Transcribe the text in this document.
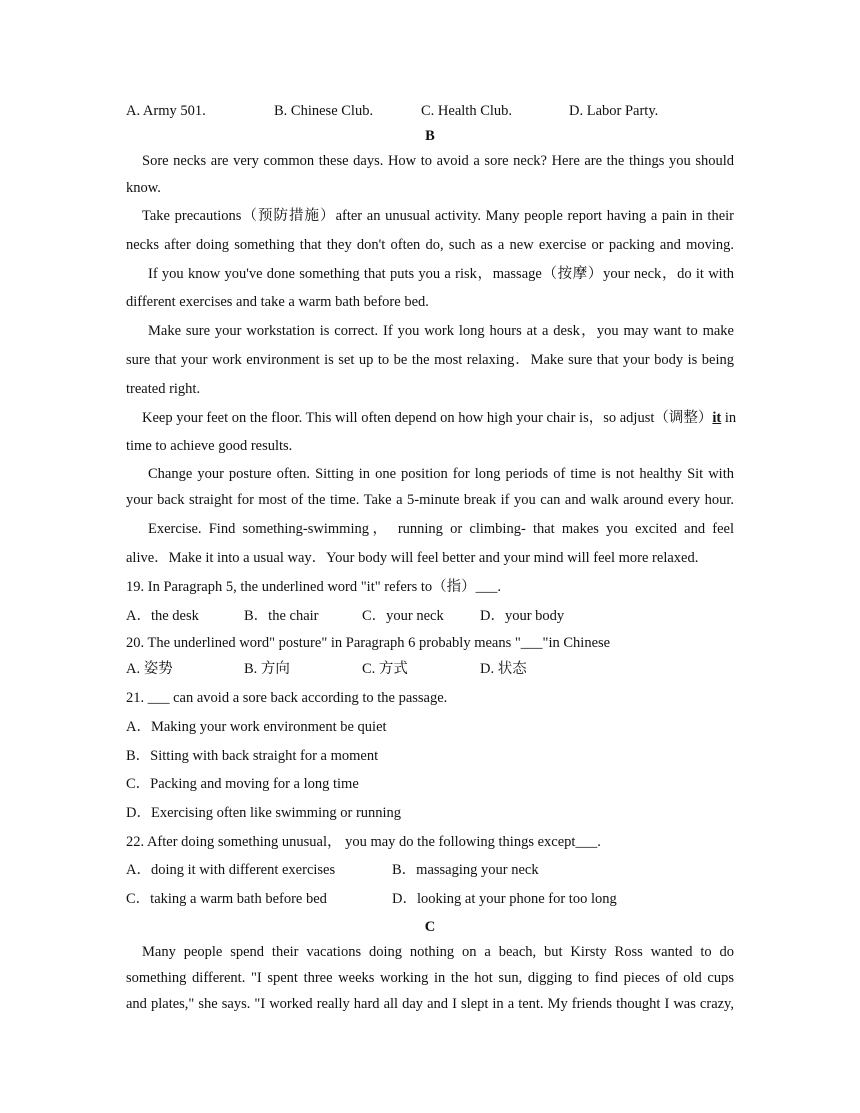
A. Army 501.	B. Chinese Club.	C. Health Club.	D. Labor Party.
B
Sore necks are very common these days. How to avoid a sore neck? Here are the things you should
know.
Take precautions（预防措施）after an unusual activity. Many people report having a pain in their
necks after doing something that they don't often do, such as a new exercise or packing and moving.
If you know you've done something that puts you a risk，massage（按摩）your neck，do it with
different exercises and take a warm bath before bed.
Make sure your workstation is correct. If you work long hours at a desk，you may want to make
sure that your work environment is set up to be the most relaxing．Make sure that your body is being
treated right.
Keep your feet on the floor. This will often depend on how high your chair is，so adjust（调整）it in
time to achieve good results.
Change your posture often. Sitting in one position for long periods of time is not healthy Sit with
your back straight for most of the time. Take a 5-minute break if you can and walk around every hour.
Exercise. Find something-swimming， running or climbing- that makes you excited and feel
alive．Make it into a usual way．Your body will feel better and your mind will feel more relaxed.
19. In Paragraph 5, the underlined word "it" refers to（指）___.
A．the desk	B．the chair	C．your neck	D．your body
20. The underlined word" posture" in Paragraph 6 probably means "___"in Chinese
A. 姿势	B. 方向	C. 方式	D. 状态
21. ___ can avoid a sore back according to the passage.
A．Making your work environment be quiet
B．Sitting with back straight for a moment
C．Packing and moving for a long time
D．Exercising often like swimming or running
22. After doing something unusual， you may do the following things except___.
A．doing it with different exercises	B．massaging your neck
C．taking a warm bath before bed	D．looking at your phone for too long
C
Many people spend their vacations doing nothing on a beach, but Kirsty Ross wanted to do
something different. "I spent three weeks working in the hot sun, digging to find pieces of old cups
and plates," she says. "I worked really hard all day and I slept in a tent. My friends thought I was crazy,
